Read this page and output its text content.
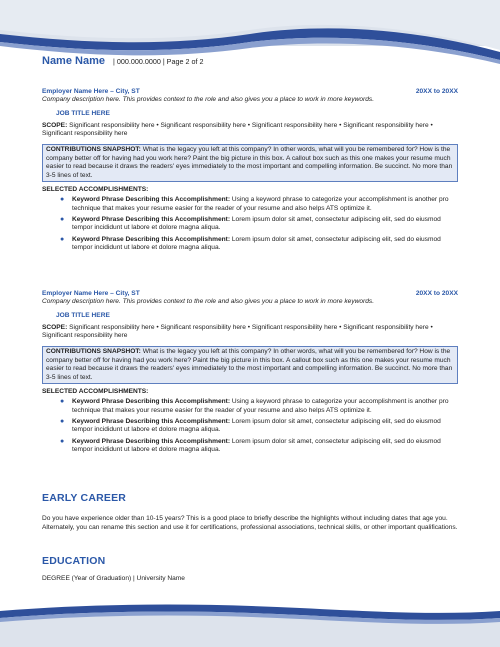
Name Name | 000.000.0000 | Page 2 of 2
Employer Name Here – City, ST	20XX to 20XX
Company description here. This provides context to the role and also gives you a place to work in more keywords.
JOB TITLE HERE
SCOPE: Significant responsibility here • Significant responsibility here • Significant responsibility here • Significant responsibility here • Significant responsibility here
CONTRIBUTIONS SNAPSHOT: What is the legacy you left at this company? In other words, what will you be remembered for? How is the company better off for having had you work here? Paint the big picture in this box. A callout box such as this one makes your resume much easier to read because it draws the readers' eyes immediately to the most important and compelling information. Be succinct. No more than 3-5 lines of text.
SELECTED ACCOMPLISHMENTS:
●	Keyword Phrase Describing this Accomplishment: Using a keyword phrase to categorize your accomplishment is another pro technique that makes your resume easier for the reader of your resume and also helps ATS optimize it.
●	Keyword Phrase Describing this Accomplishment: Lorem ipsum dolor sit amet, consectetur adipiscing elit, sed do eiusmod tempor incididunt ut labore et dolore magna aliqua.
●	Keyword Phrase Describing this Accomplishment: Lorem ipsum dolor sit amet, consectetur adipiscing elit, sed do eiusmod tempor incididunt ut labore et dolore magna aliqua.
Employer Name Here – City, ST	20XX to 20XX
Company description here. This provides context to the role and also gives you a place to work in more keywords.
JOB TITLE HERE
SCOPE: Significant responsibility here • Significant responsibility here • Significant responsibility here • Significant responsibility here • Significant responsibility here
CONTRIBUTIONS SNAPSHOT: What is the legacy you left at this company? In other words, what will you be remembered for? How is the company better off for having had you work here? Paint the big picture in this box. A callout box such as this one makes your resume much easier to read because it draws the readers' eyes immediately to the most important and compelling information. Be succinct. No more than 3-5 lines of text.
SELECTED ACCOMPLISHMENTS:
●	Keyword Phrase Describing this Accomplishment: Using a keyword phrase to categorize your accomplishment is another pro technique that makes your resume easier for the reader of your resume and also helps ATS optimize it.
●	Keyword Phrase Describing this Accomplishment: Lorem ipsum dolor sit amet, consectetur adipiscing elit, sed do eiusmod tempor incididunt ut labore et dolore magna aliqua.
●	Keyword Phrase Describing this Accomplishment: Lorem ipsum dolor sit amet, consectetur adipiscing elit, sed do eiusmod tempor incididunt ut labore et dolore magna aliqua.
EARLY CAREER
Do you have experience older than 10-15 years? This is a good place to briefly describe the highlights without including dates that age you. Alternately, you can rename this section and use it for certifications, professional associations, technical skills, or other important qualifications.
EDUCATION
DEGREE (Year of Graduation) | University Name
